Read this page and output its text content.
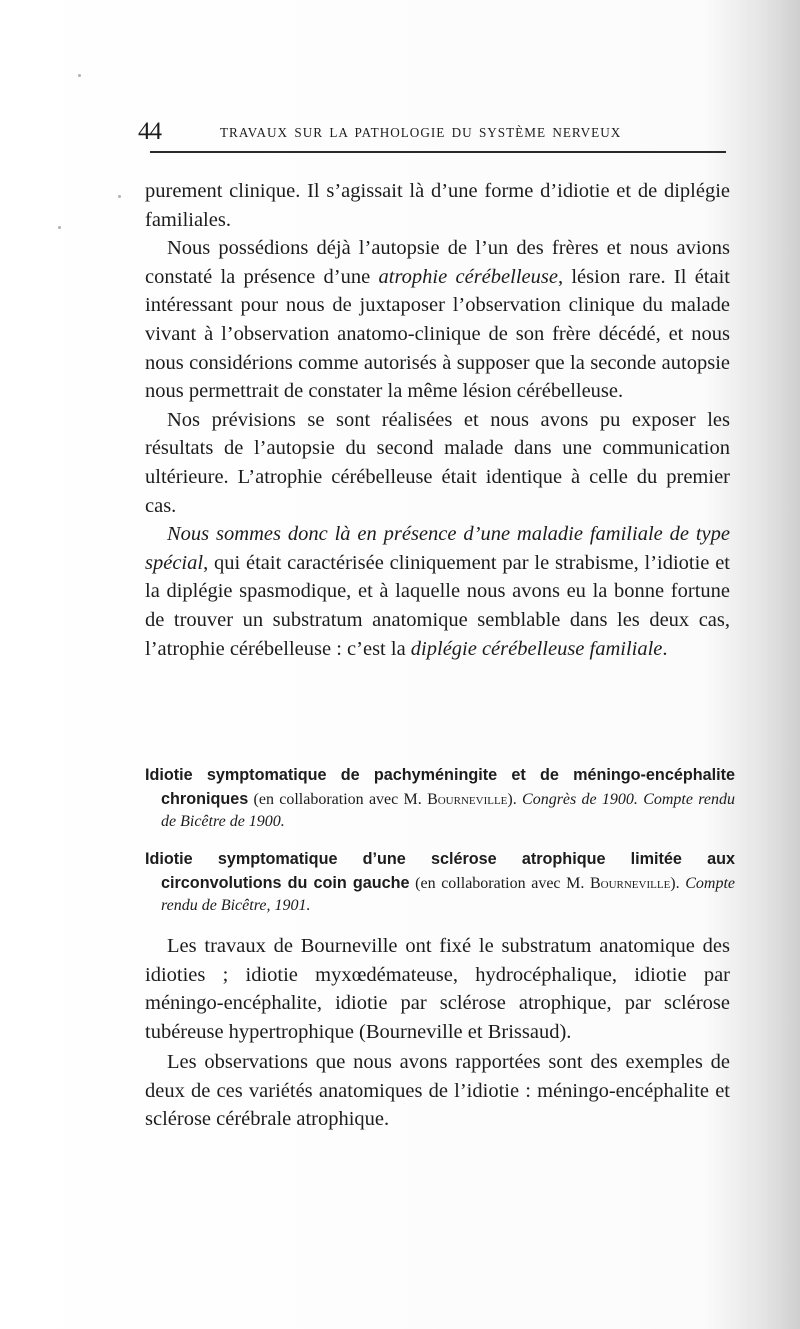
44	TRAVAUX SUR LA PATHOLOGIE DU SYSTÈME NERVEUX

purement clinique. Il s’agissait là d’une forme d’idiotie et de diplégie familiales.

Nous possédions déjà l’autopsie de l’un des frères et nous avions constaté la présence d’une atrophie cérébelleuse, lésion rare. Il était intéressant pour nous de juxtaposer l’observation clinique du malade vivant à l’observation anatomo-clinique de son frère décédé, et nous nous considérions comme autorisés à supposer que la seconde autopsie nous permettrait de constater la même lésion cérébelleuse.

Nos prévisions se sont réalisées et nous avons pu exposer les résultats de l’autopsie du second malade dans une communication ultérieure. L’atrophie cérébelleuse était identique à celle du premier cas.

Nous sommes donc là en présence d’une maladie familiale de type spécial, qui était caractérisée cliniquement par le strabisme, l’idiotie et la diplégie spasmodique, et à laquelle nous avons eu la bonne fortune de trouver un substratum anatomique semblable dans les deux cas, l’atrophie cérébelleuse : c’est la diplégie cérébelleuse familiale.

Idiotie symptomatique de pachyméningite et de méningo-encéphalite chroniques (en collaboration avec M. Bourneville). Congrès de 1900. Compte rendu de Bicêtre de 1900.

Idiotie symptomatique d’une sclérose atrophique limitée aux circonvolutions du coin gauche (en collaboration avec M. Bourneville). Compte rendu de Bicêtre, 1901.

Les travaux de Bourneville ont fixé le substratum anatomique des idioties ; idiotie myxœdémateuse, hydrocéphalique, idiotie par méningo-encéphalite, idiotie par sclérose atrophique, par sclérose tubéreuse hypertrophique (Bourneville et Brissaud).

Les observations que nous avons rapportées sont des exemples de deux de ces variétés anatomiques de l’idiotie : méningo-encéphalite et sclérose cérébrale atrophique.
